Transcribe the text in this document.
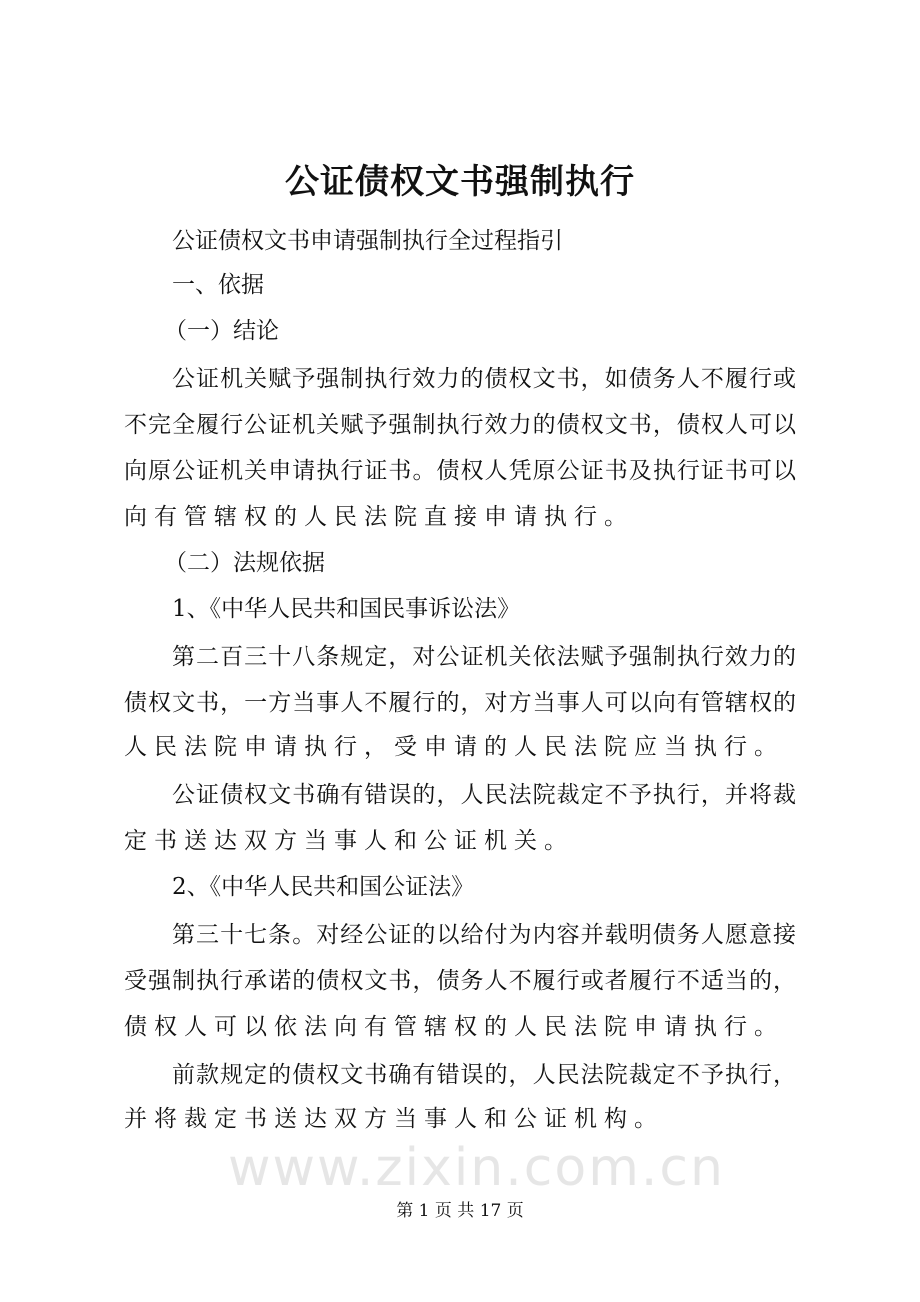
公证债权文书强制执行
公证债权文书申请强制执行全过程指引
一、依据
（一）结论
公证机关赋予强制执行效力的债权文书，如债务人不履行或
不完全履行公证机关赋予强制执行效力的债权文书，债权人可以
向原公证机关申请执行证书。债权人凭原公证书及执行证书可以
向有管辖权的人民法院直接申请执行。
（二）法规依据
1、《中华人民共和国民事诉讼法》
第二百三十八条规定，对公证机关依法赋予强制执行效力的
债权文书，一方当事人不履行的，对方当事人可以向有管辖权的
人民法院申请执行，受申请的人民法院应当执行。
公证债权文书确有错误的，人民法院裁定不予执行，并将裁
定书送达双方当事人和公证机关。
2、《中华人民共和国公证法》
第三十七条。对经公证的以给付为内容并载明债务人愿意接
受强制执行承诺的债权文书，债务人不履行或者履行不适当的，
债权人可以依法向有管辖权的人民法院申请执行。
前款规定的债权文书确有错误的，人民法院裁定不予执行，
并将裁定书送达双方当事人和公证机构。
www.zixin.com.cn
第 1 页 共 17 页
